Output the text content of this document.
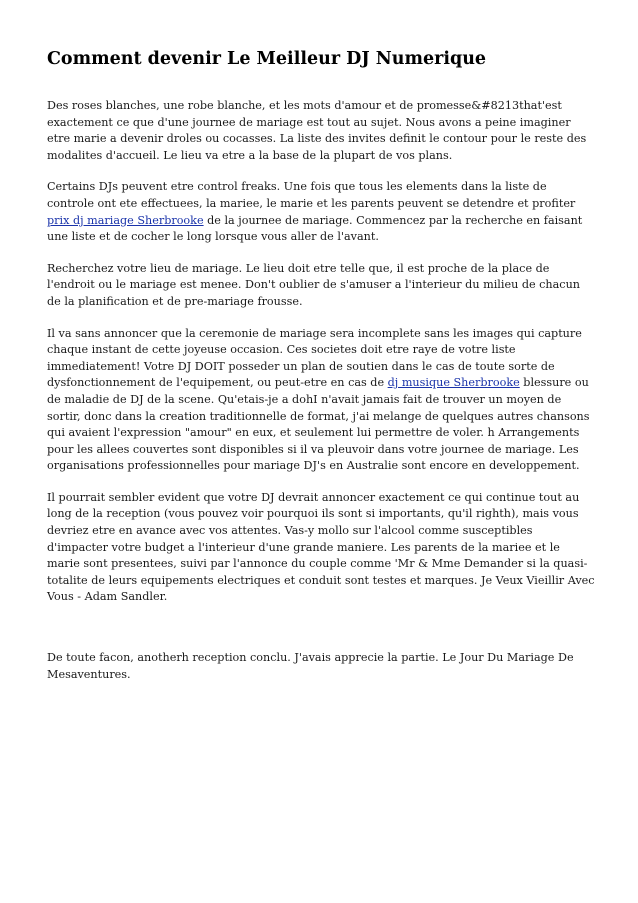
Comment devenir Le Meilleur DJ Numerique

Des roses blanches, une robe blanche, et les mots d'amour et de promesse&#8213that'est exactement ce que d'une journee de mariage est tout au sujet. Nous avons a peine imaginer etre marie a devenir droles ou cocasses. La liste des invites definit le contour pour le reste des modalites d'accueil. Le lieu va etre a la base de la plupart de vos plans.

Certains DJs peuvent etre control freaks. Une fois que tous les elements dans la liste de controle ont ete effectuees, la mariee, le marie et les parents peuvent se detendre et profiter prix dj mariage Sherbrooke de la journee de mariage. Commencez par la recherche en faisant une liste et de cocher le long lorsque vous aller de l'avant.

Recherchez votre lieu de mariage. Le lieu doit etre telle que, il est proche de la place de l'endroit ou le mariage est menee. Don't oublier de s'amuser a l'interieur du milieu de chacun de la planification et de pre-mariage frousse.

Il va sans annoncer que la ceremonie de mariage sera incomplete sans les images qui capture chaque instant de cette joyeuse occasion. Ces societes doit etre raye de votre liste immediatement! Votre DJ DOIT posseder un plan de soutien dans le cas de toute sorte de dysfonctionnement de l'equipement, ou peut-etre en cas de dj musique Sherbrooke blessure ou de maladie de DJ de la scene. Qu'etais-je a dohI n'avait jamais fait de trouver un moyen de sortir, donc dans la creation traditionnelle de format, j'ai melange de quelques autres chansons qui avaient l'expression "amour" en eux, et seulement lui permettre de voler. h Arrangements pour les allees couvertes sont disponibles si il va pleuvoir dans votre journee de mariage. Les organisations professionnelles pour mariage DJ's en Australie sont encore en developpement.

Il pourrait sembler evident que votre DJ devrait annoncer exactement ce qui continue tout au long de la reception (vous pouvez voir pourquoi ils sont si importants, qu'il righth), mais vous devriez etre en avance avec vos attentes. Vas-y mollo sur l'alcool comme susceptibles d'impacter votre budget a l'interieur d'une grande maniere. Les parents de la mariee et le marie sont presentees, suivi par l'annonce du couple comme 'Mr & Mme Demander si la quasi-totalite de leurs equipements electriques et conduit sont testes et marques. Je Veux Vieillir Avec Vous - Adam Sandler.

De toute facon, anotherh reception conclu. J'avais apprecie la partie. Le Jour Du Mariage De Mesaventures.
